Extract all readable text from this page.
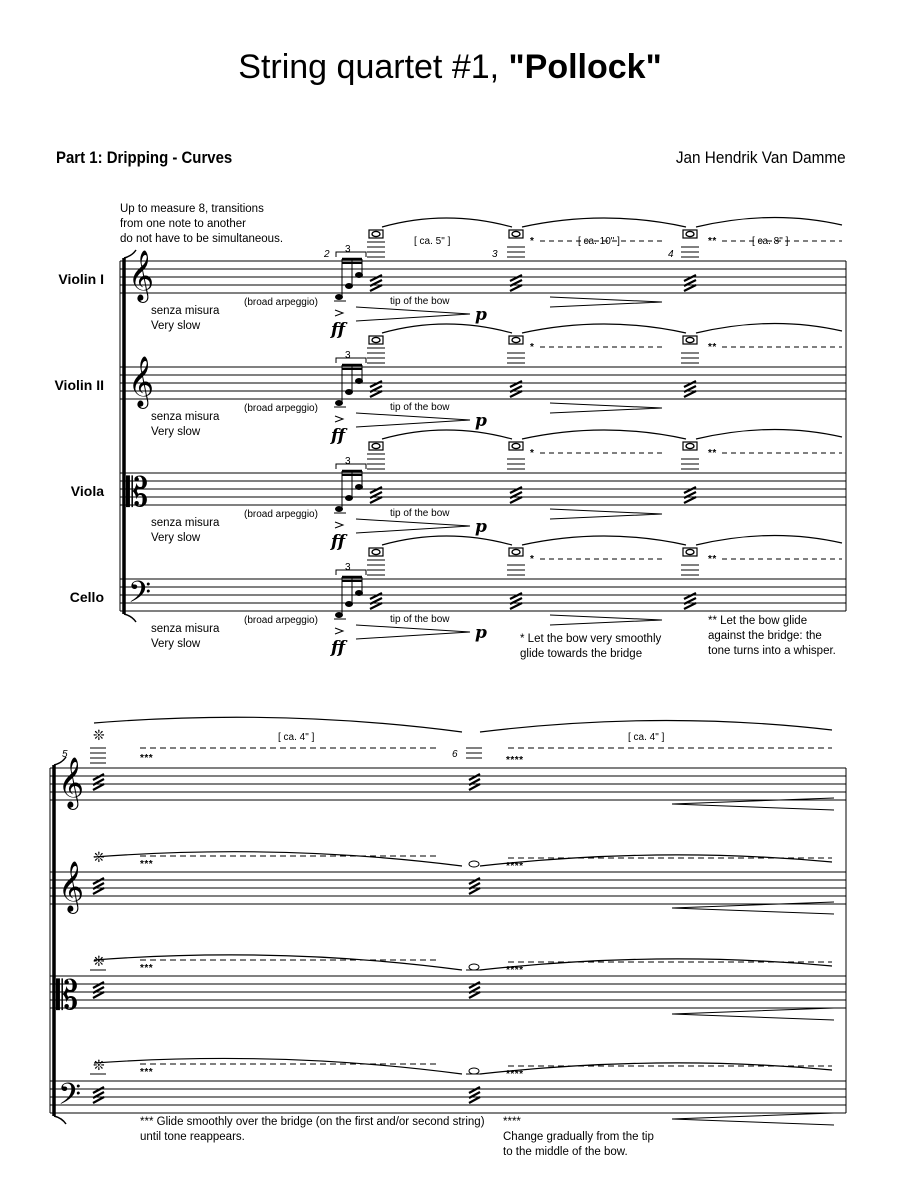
String quartet #1, "Pollock"
Part 1: Dripping - Curves	Jan Hendrik Van Damme
Up to measure 8, transitions
from one note to another
do not have to be simultaneous.
Violin I
Violin II
Viola
Cello
𝄞
𝄞
𝄡
𝄢
𝄞
𝄞
𝄡
𝄢
❊
❊
❊
❊
senza misura
Very slow
(broad arpeggio)	tip of the bow
ff
p
3
*	**
senza misura
Very slow
(broad arpeggio)	tip of the bow
ff
p
3
*	**
senza misura
Very slow
(broad arpeggio)	tip of the bow
ff
p
3
*	**
senza misura
Very slow
(broad arpeggio)	tip of the bow
ff
p
3
*	**
2	3	4
[ ca. 5" ]	[ ca. 10" ]	[ ca. 8" ]
* Let the bow very smoothly
glide towards the bridge
** Let the bow glide
against the bridge: the
tone turns into a whisper.
5	6
[ ca. 4" ]	[ ca. 4" ]
***	****
***	****
***	****
***	****
*** Glide smoothly over the bridge (on the first and/or second string)
until tone reappears.
****
Change gradually from the tip
to the middle of the bow.
